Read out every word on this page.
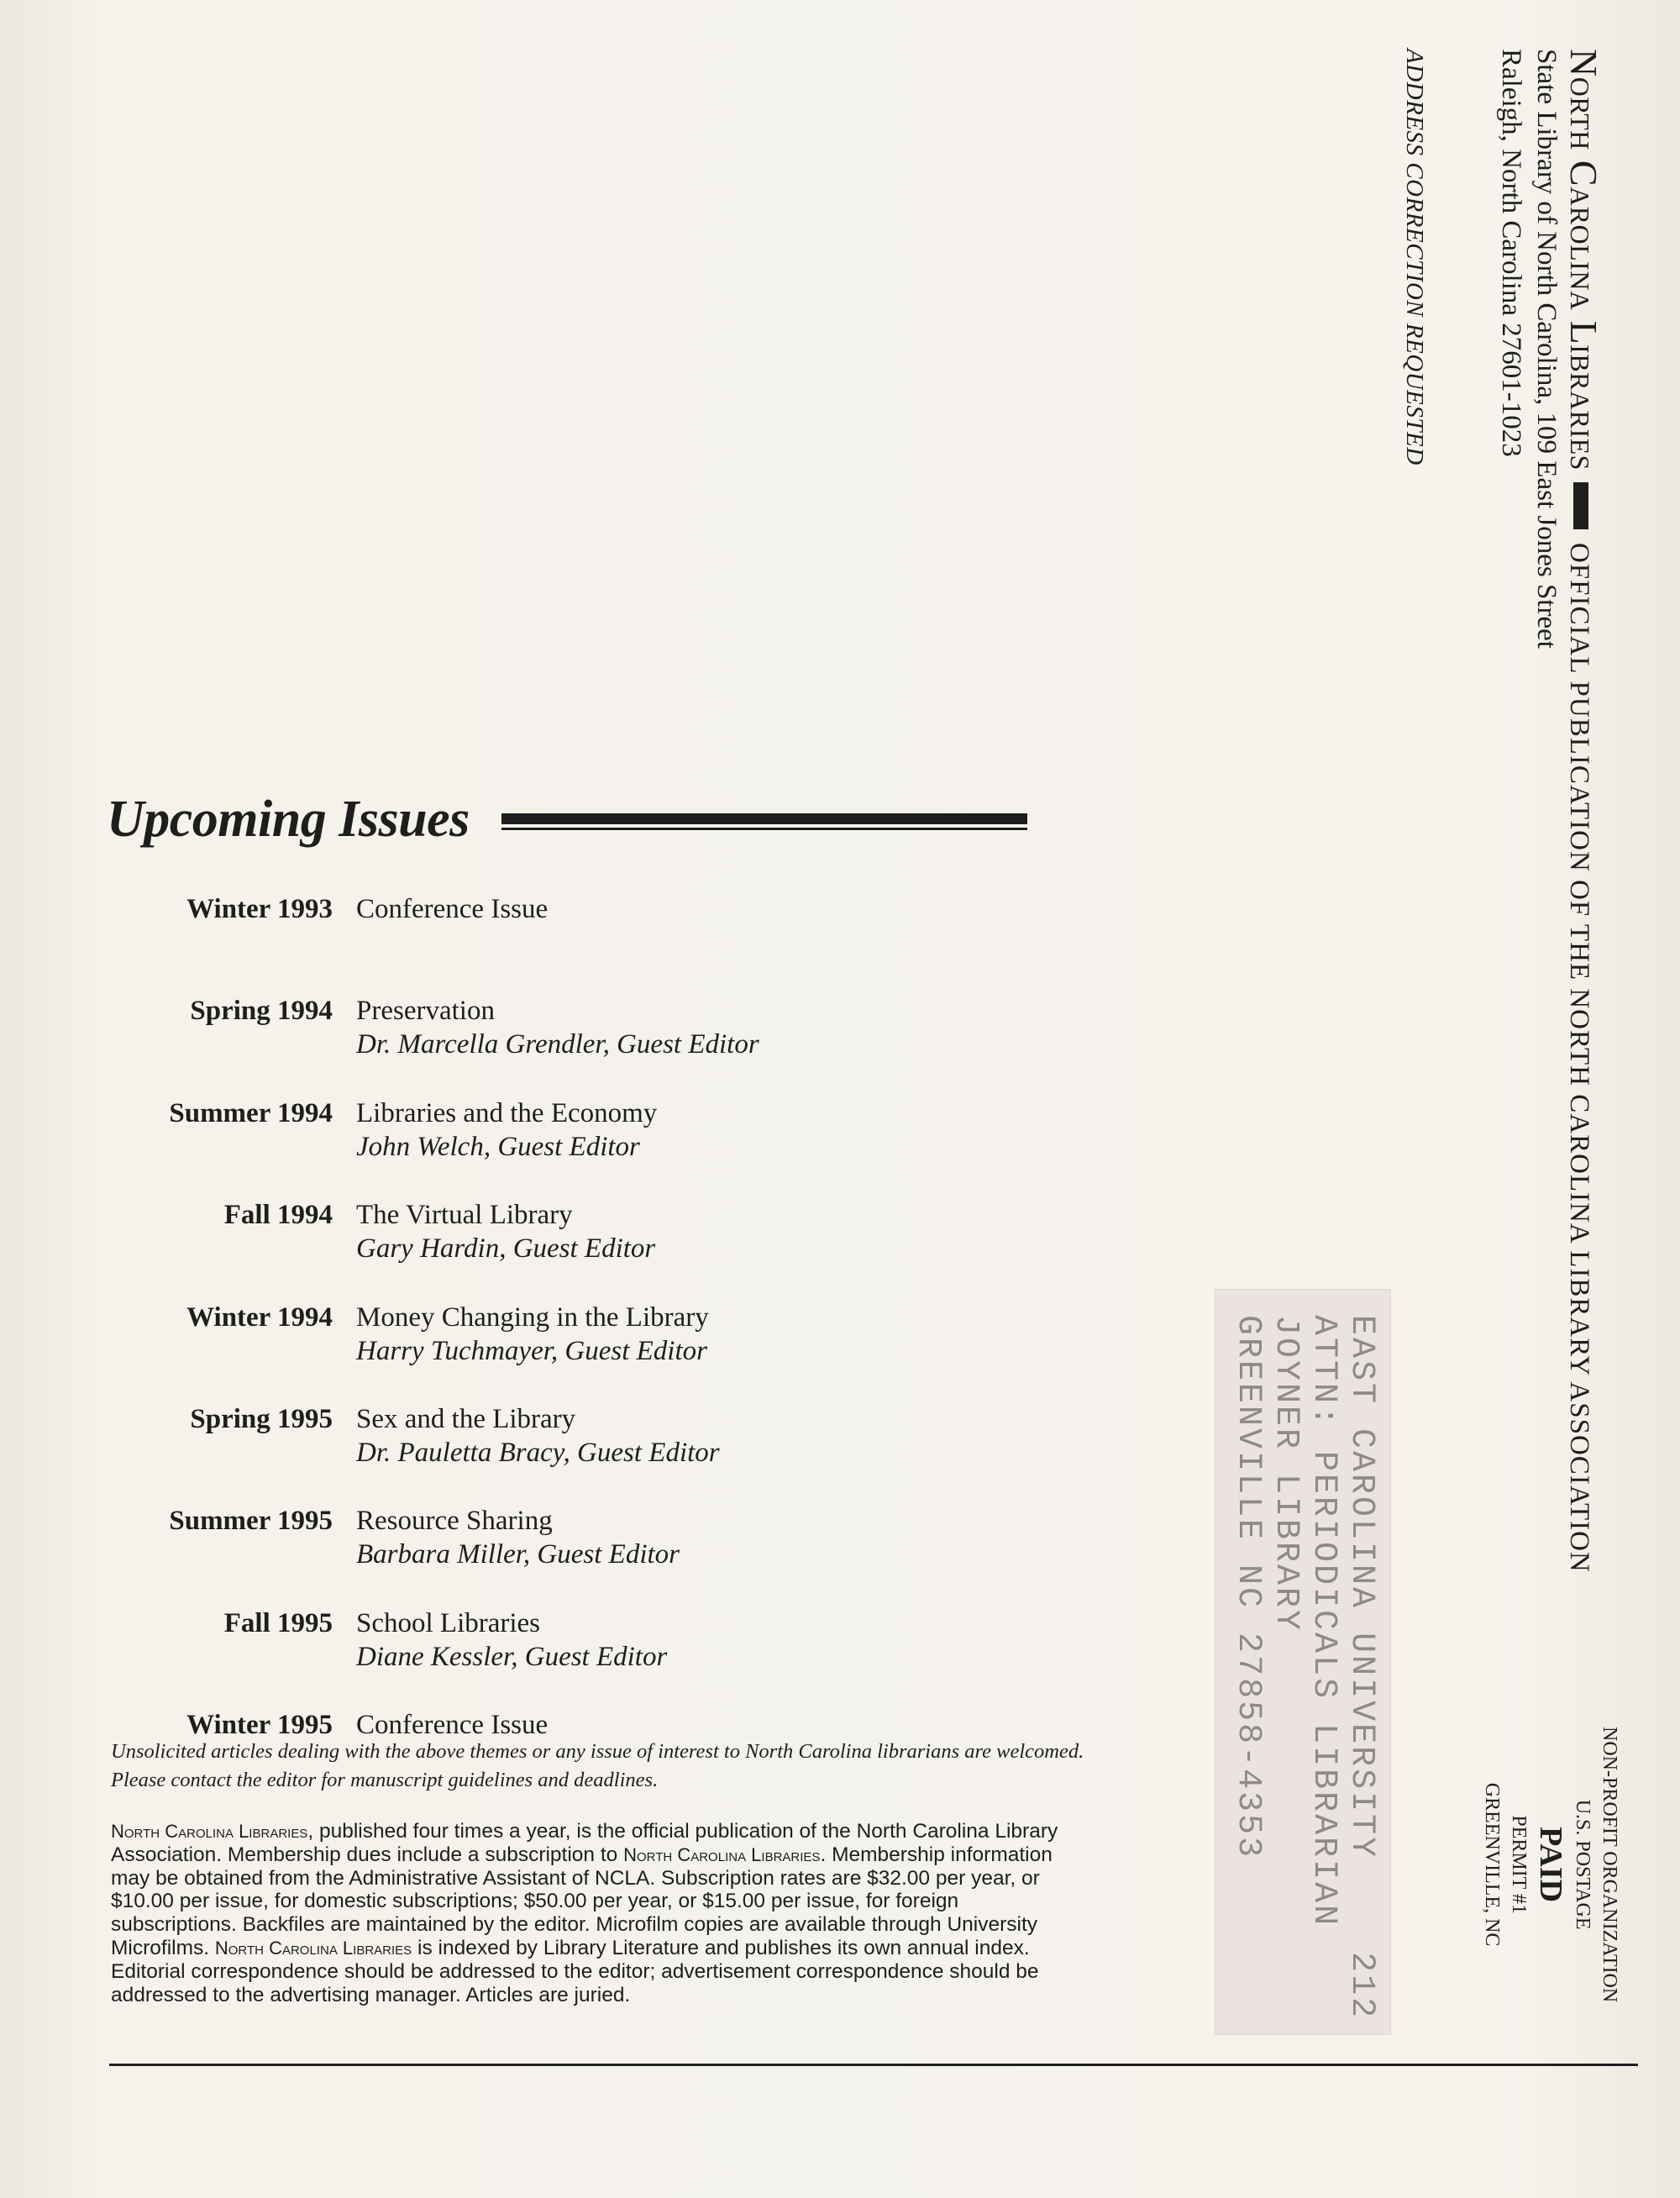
North Carolina LibrariesOFFICIAL PUBLICATION OF THE NORTH CAROLINA LIBRARY ASSOCIATION
State Library of North Carolina, 109 East Jones Street
Raleigh, North Carolina 27601-1023
ADDRESS CORRECTION REQUESTED
EAST CAROLINA UNIVERSITY212
ATTN: PERIODICALS LIBRARIAN
JOYNER LIBRARY
GREENVILLE NC 27858-4353
NON-PROFIT ORGANIZATION
U.S. POSTAGE
PAID
PERMIT #1
GREENVILLE, NC
Upcoming Issues
Winter 1993 Conference Issue
Spring 1994 Preservation
Dr. Marcella Grendler, Guest Editor
Summer 1994 Libraries and the Economy
John Welch, Guest Editor
Fall 1994 The Virtual Library
Gary Hardin, Guest Editor
Winter 1994 Money Changing in the Library
Harry Tuchmayer, Guest Editor
Spring 1995 Sex and the Library
Dr. Pauletta Bracy, Guest Editor
Summer 1995 Resource Sharing
Barbara Miller, Guest Editor
Fall 1995 School Libraries
Diane Kessler, Guest Editor
Winter 1995 Conference Issue
Unsolicited articles dealing with the above themes or any issue of interest to North Carolina librarians are welcomed. Please contact the editor for manuscript guidelines and deadlines.
North Carolina Libraries, published four times a year, is the official publication of the North Carolina Library Association. Membership dues include a subscription to North Carolina Libraries. Membership information may be obtained from the Administrative Assistant of NCLA. Subscription rates are $32.00 per year, or $10.00 per issue, for domestic subscriptions; $50.00 per year, or $15.00 per issue, for foreign subscriptions. Backfiles are maintained by the editor. Microfilm copies are available through University Microfilms. North Carolina Libraries is indexed by Library Literature and publishes its own annual index. Editorial correspondence should be addressed to the editor; advertisement correspondence should be addressed to the advertising manager. Articles are juried.
